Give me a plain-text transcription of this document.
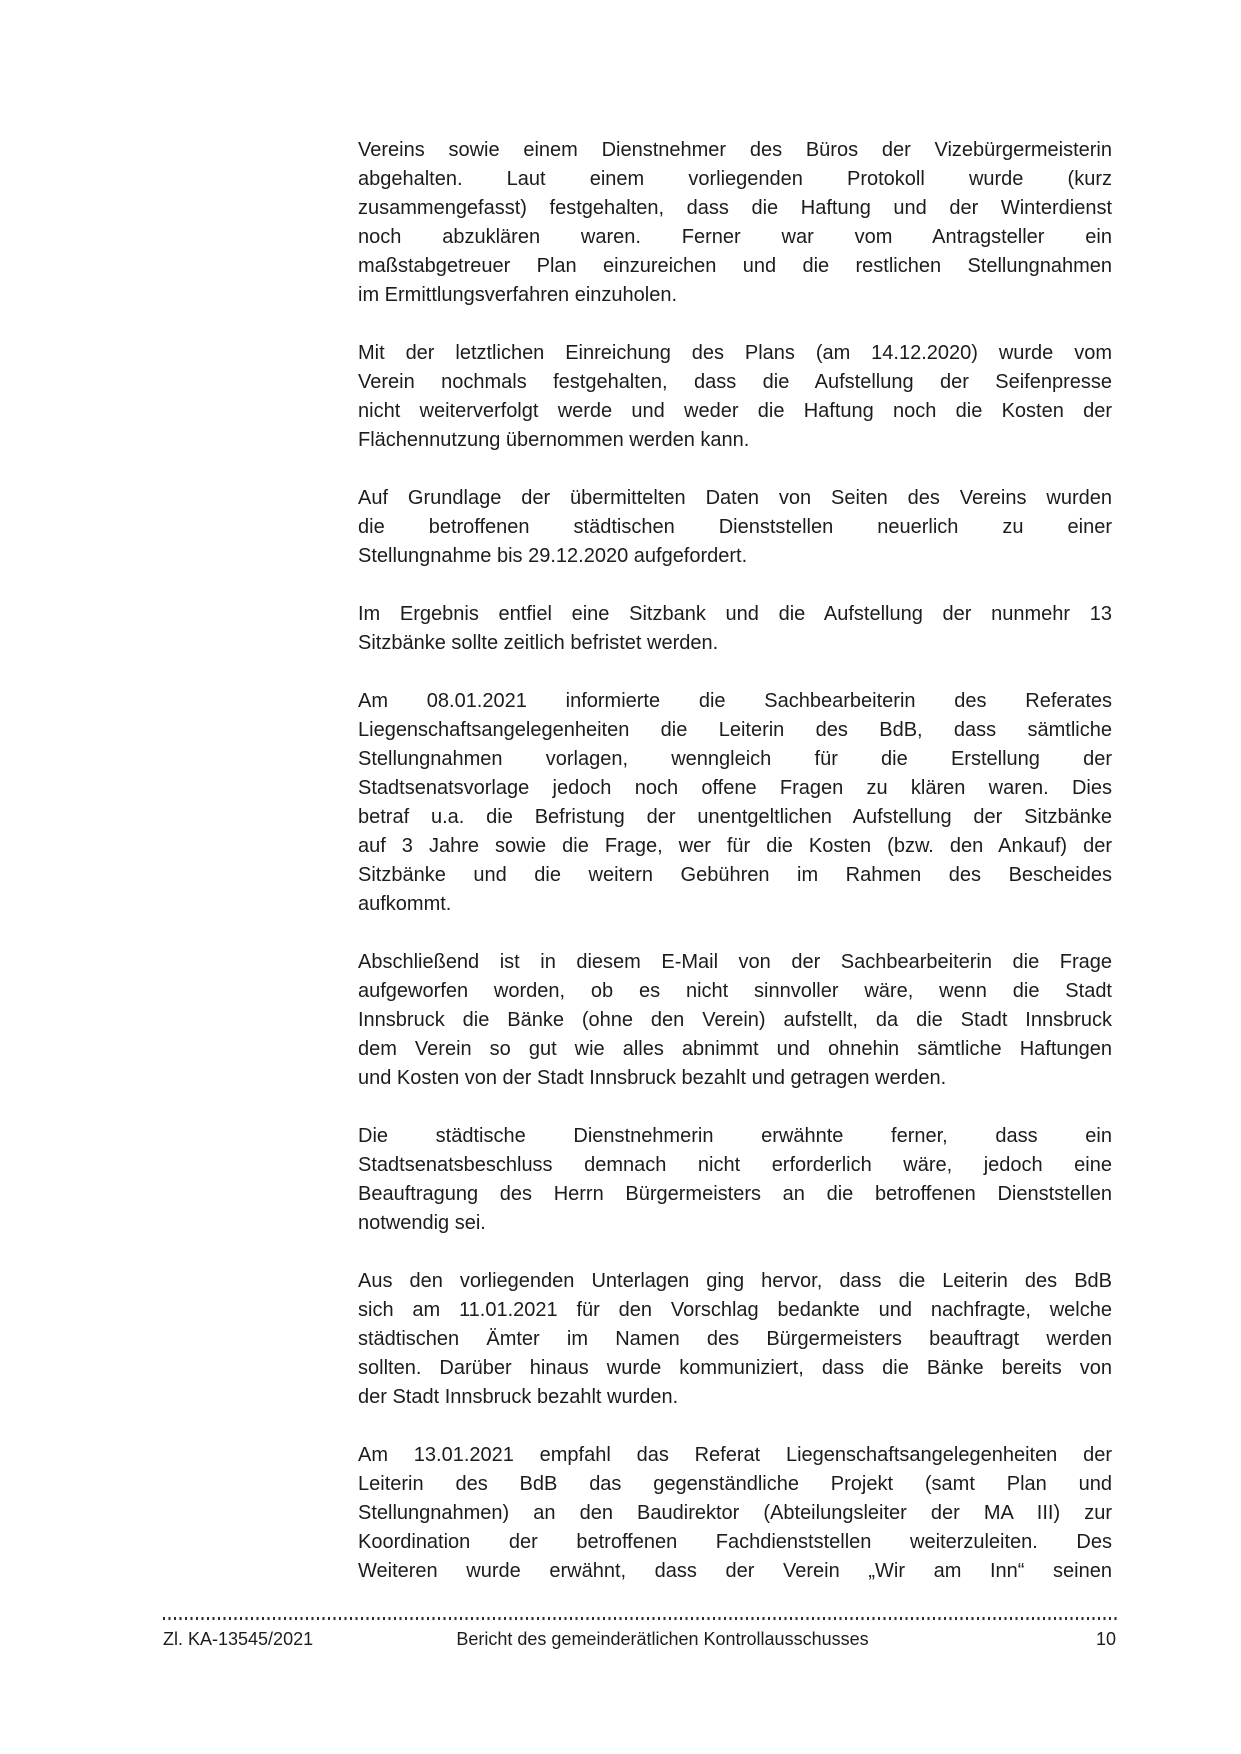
Vereins sowie einem Dienstnehmer des Büros der Vizebürgermeisterin
abgehalten. Laut einem vorliegenden Protokoll wurde (kurz
zusammengefasst) festgehalten, dass die Haftung und der Winterdienst
noch abzuklären waren. Ferner war vom Antragsteller ein
maßstabgetreuer Plan einzureichen und die restlichen Stellungnahmen
im Ermittlungsverfahren einzuholen.
Mit der letztlichen Einreichung des Plans (am 14.12.2020) wurde vom
Verein nochmals festgehalten, dass die Aufstellung der Seifenpresse
nicht weiterverfolgt werde und weder die Haftung noch die Kosten der
Flächennutzung übernommen werden kann.
Auf Grundlage der übermittelten Daten von Seiten des Vereins wurden
die betroffenen städtischen Dienststellen neuerlich zu einer
Stellungnahme bis 29.12.2020 aufgefordert.
Im Ergebnis entfiel eine Sitzbank und die Aufstellung der nunmehr 13
Sitzbänke sollte zeitlich befristet werden.
Am 08.01.2021 informierte die Sachbearbeiterin des Referates
Liegenschaftsangelegenheiten die Leiterin des BdB, dass sämtliche
Stellungnahmen vorlagen, wenngleich für die Erstellung der
Stadtsenatsvorlage jedoch noch offene Fragen zu klären waren. Dies
betraf u.a. die Befristung der unentgeltlichen Aufstellung der Sitzbänke
auf 3 Jahre sowie die Frage, wer für die Kosten (bzw. den Ankauf) der
Sitzbänke und die weitern Gebühren im Rahmen des Bescheides
aufkommt.
Abschließend ist in diesem E-Mail von der Sachbearbeiterin die Frage
aufgeworfen worden, ob es nicht sinnvoller wäre, wenn die Stadt
Innsbruck die Bänke (ohne den Verein) aufstellt, da die Stadt Innsbruck
dem Verein so gut wie alles abnimmt und ohnehin sämtliche Haftungen
und Kosten von der Stadt Innsbruck bezahlt und getragen werden.
Die städtische Dienstnehmerin erwähnte ferner, dass ein
Stadtsenatsbeschluss demnach nicht erforderlich wäre, jedoch eine
Beauftragung des Herrn Bürgermeisters an die betroffenen Dienststellen
notwendig sei.
Aus den vorliegenden Unterlagen ging hervor, dass die Leiterin des BdB
sich am 11.01.2021 für den Vorschlag bedankte und nachfragte, welche
städtischen Ämter im Namen des Bürgermeisters beauftragt werden
sollten. Darüber hinaus wurde kommuniziert, dass die Bänke bereits von
der Stadt Innsbruck bezahlt wurden.
Am 13.01.2021 empfahl das Referat Liegenschaftsangelegenheiten der
Leiterin des BdB das gegenständliche Projekt (samt Plan und
Stellungnahmen) an den Baudirektor (Abteilungsleiter der MA III) zur
Koordination der betroffenen Fachdienststellen weiterzuleiten. Des
Weiteren wurde erwähnt, dass der Verein „Wir am Inn“ seinen
Zl. KA-13545/2021	Bericht des gemeinderätlichen Kontrollausschusses	10
